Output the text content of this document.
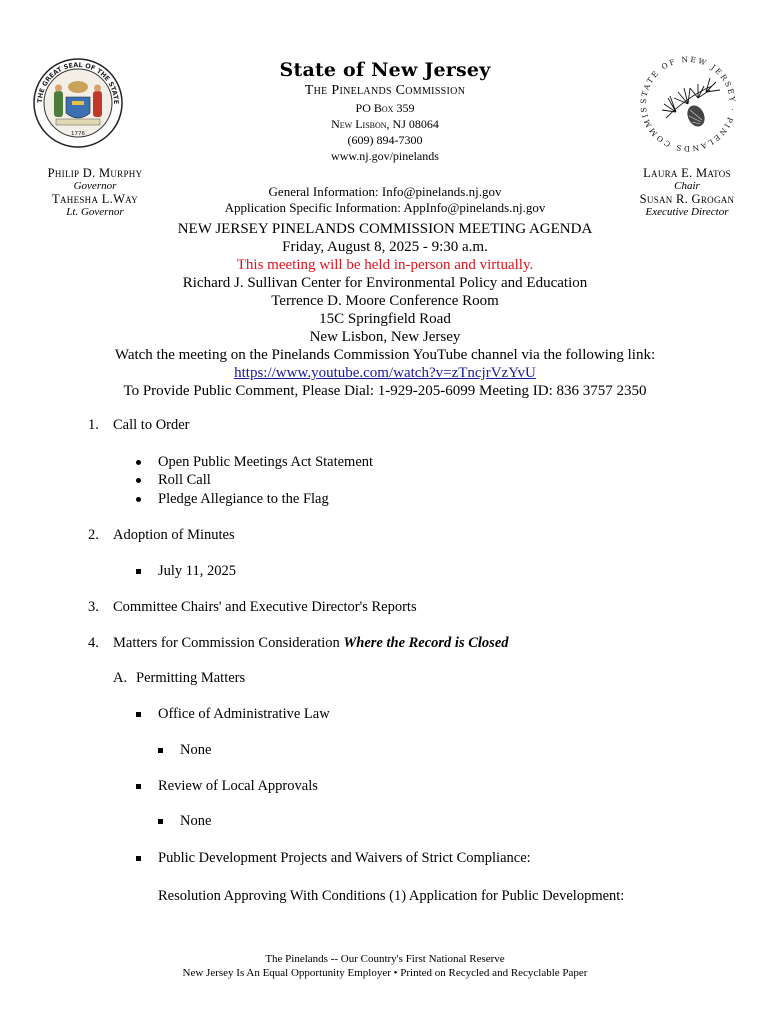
THE GREAT SEAL OF THE STATE
1776
STATE OF NEW JERSEY · PINELANDS COMMIS
State of New Jersey
The Pinelands Commission
PO Box 359
New Lisbon, NJ 08064
(609) 894-7300
www.nj.gov/pinelands
General Information: Info@pinelands.nj.gov
Application Specific Information: AppInfo@pinelands.nj.gov
Philip D. Murphy
Governor
Tahesha L.Way
Lt. Governor
Laura E. Matos
Chair
Susan R. Grogan
Executive Director
NEW JERSEY PINELANDS COMMISSION MEETING AGENDA
Friday, August 8, 2025 - 9:30 a.m.
This meeting will be held in-person and virtually.
Richard J. Sullivan Center for Environmental Policy and Education
Terrence D. Moore Conference Room
15C Springfield Road
New Lisbon, New Jersey
Watch the meeting on the Pinelands Commission YouTube channel via the following link:
https://www.youtube.com/watch?v=zTncjrVzYvU
To Provide Public Comment, Please Dial: 1-929-205-6099 Meeting ID: 836 3757 2350
1. Call to Order
Open Public Meetings Act Statement
Roll Call
Pledge Allegiance to the Flag
2. Adoption of Minutes
July 11, 2025
3. Committee Chairs' and Executive Director's Reports
4. Matters for Commission Consideration Where the Record is Closed
A. Permitting Matters
Office of Administrative Law
None
Review of Local Approvals
None
Public Development Projects and Waivers of Strict Compliance:
Resolution Approving With Conditions (1) Application for Public Development:
The Pinelands -- Our Country's First National Reserve
New Jersey Is An Equal Opportunity Employer • Printed on Recycled and Recyclable Paper
